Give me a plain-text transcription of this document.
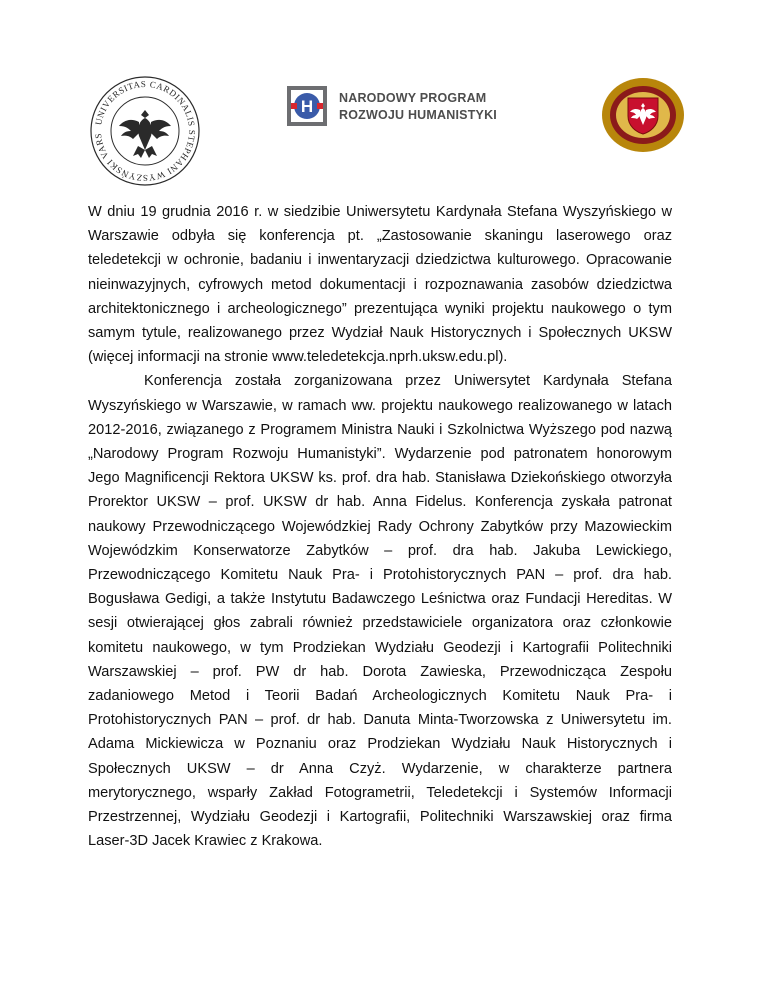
UNIVERSITAS CARDINALIS STEPHANI WYSZYŃSKI VARS
H NARODOWY PROGRAM
ROZWOJU HUMANISTYKI

W dniu 19 grudnia 2016 r. w siedzibie Uniwersytetu Kardynała Stefana Wyszyńskiego w Warszawie odbyła się konferencja pt. „Zastosowanie skaningu laserowego oraz teledetekcji w ochronie, badaniu i inwentaryzacji dziedzictwa kulturowego. Opracowanie nieinwazyjnych, cyfrowych metod dokumentacji i rozpoznawania zasobów dziedzictwa architektonicznego i archeologicznego” prezentująca wyniki projektu naukowego o tym samym tytule, realizowanego przez Wydział Nauk Historycznych i Społecznych UKSW (więcej informacji na stronie www.teledetekcja.nprh.uksw.edu.pl).

Konferencja została zorganizowana przez Uniwersytet Kardynała Stefana Wyszyńskiego w Warszawie, w ramach ww. projektu naukowego realizowanego w latach 2012-2016, związanego z Programem Ministra Nauki i Szkolnictwa Wyższego pod nazwą „Narodowy Program Rozwoju Humanistyki”. Wydarzenie pod patronatem honorowym Jego Magnificencji Rektora UKSW ks. prof. dra hab. Stanisława Dziekońskiego otworzyła Prorektor UKSW – prof. UKSW dr hab. Anna Fidelus. Konferencja zyskała patronat naukowy Przewodniczącego Wojewódzkiej Rady Ochrony Zabytków przy Mazowieckim Wojewódzkim Konserwatorze Zabytków – prof. dra hab. Jakuba Lewickiego, Przewodniczącego Komitetu Nauk Pra- i Protohistorycznych PAN – prof. dra hab. Bogusława Gedigi, a także Instytutu Badawczego Leśnictwa oraz Fundacji Hereditas. W sesji otwierającej głos zabrali również przedstawiciele organizatora oraz członkowie komitetu naukowego, w tym Prodziekan Wydziału Geodezji i Kartografii Politechniki Warszawskiej – prof. PW dr hab. Dorota Zawieska, Przewodnicząca Zespołu zadaniowego Metod i Teorii Badań Archeologicznych Komitetu Nauk Pra- i Protohistorycznych PAN – prof. dr hab. Danuta Minta-Tworzowska z Uniwersytetu im. Adama Mickiewicza w Poznaniu oraz Prodziekan Wydziału Nauk Historycznych i Społecznych UKSW – dr Anna Czyż. Wydarzenie, w charakterze partnera merytorycznego, wsparły Zakład Fotogrametrii, Teledetekcji i Systemów Informacji Przestrzennej, Wydziału Geodezji i Kartografii, Politechniki Warszawskiej oraz firma Laser-3D Jacek Krawiec z Krakowa.
